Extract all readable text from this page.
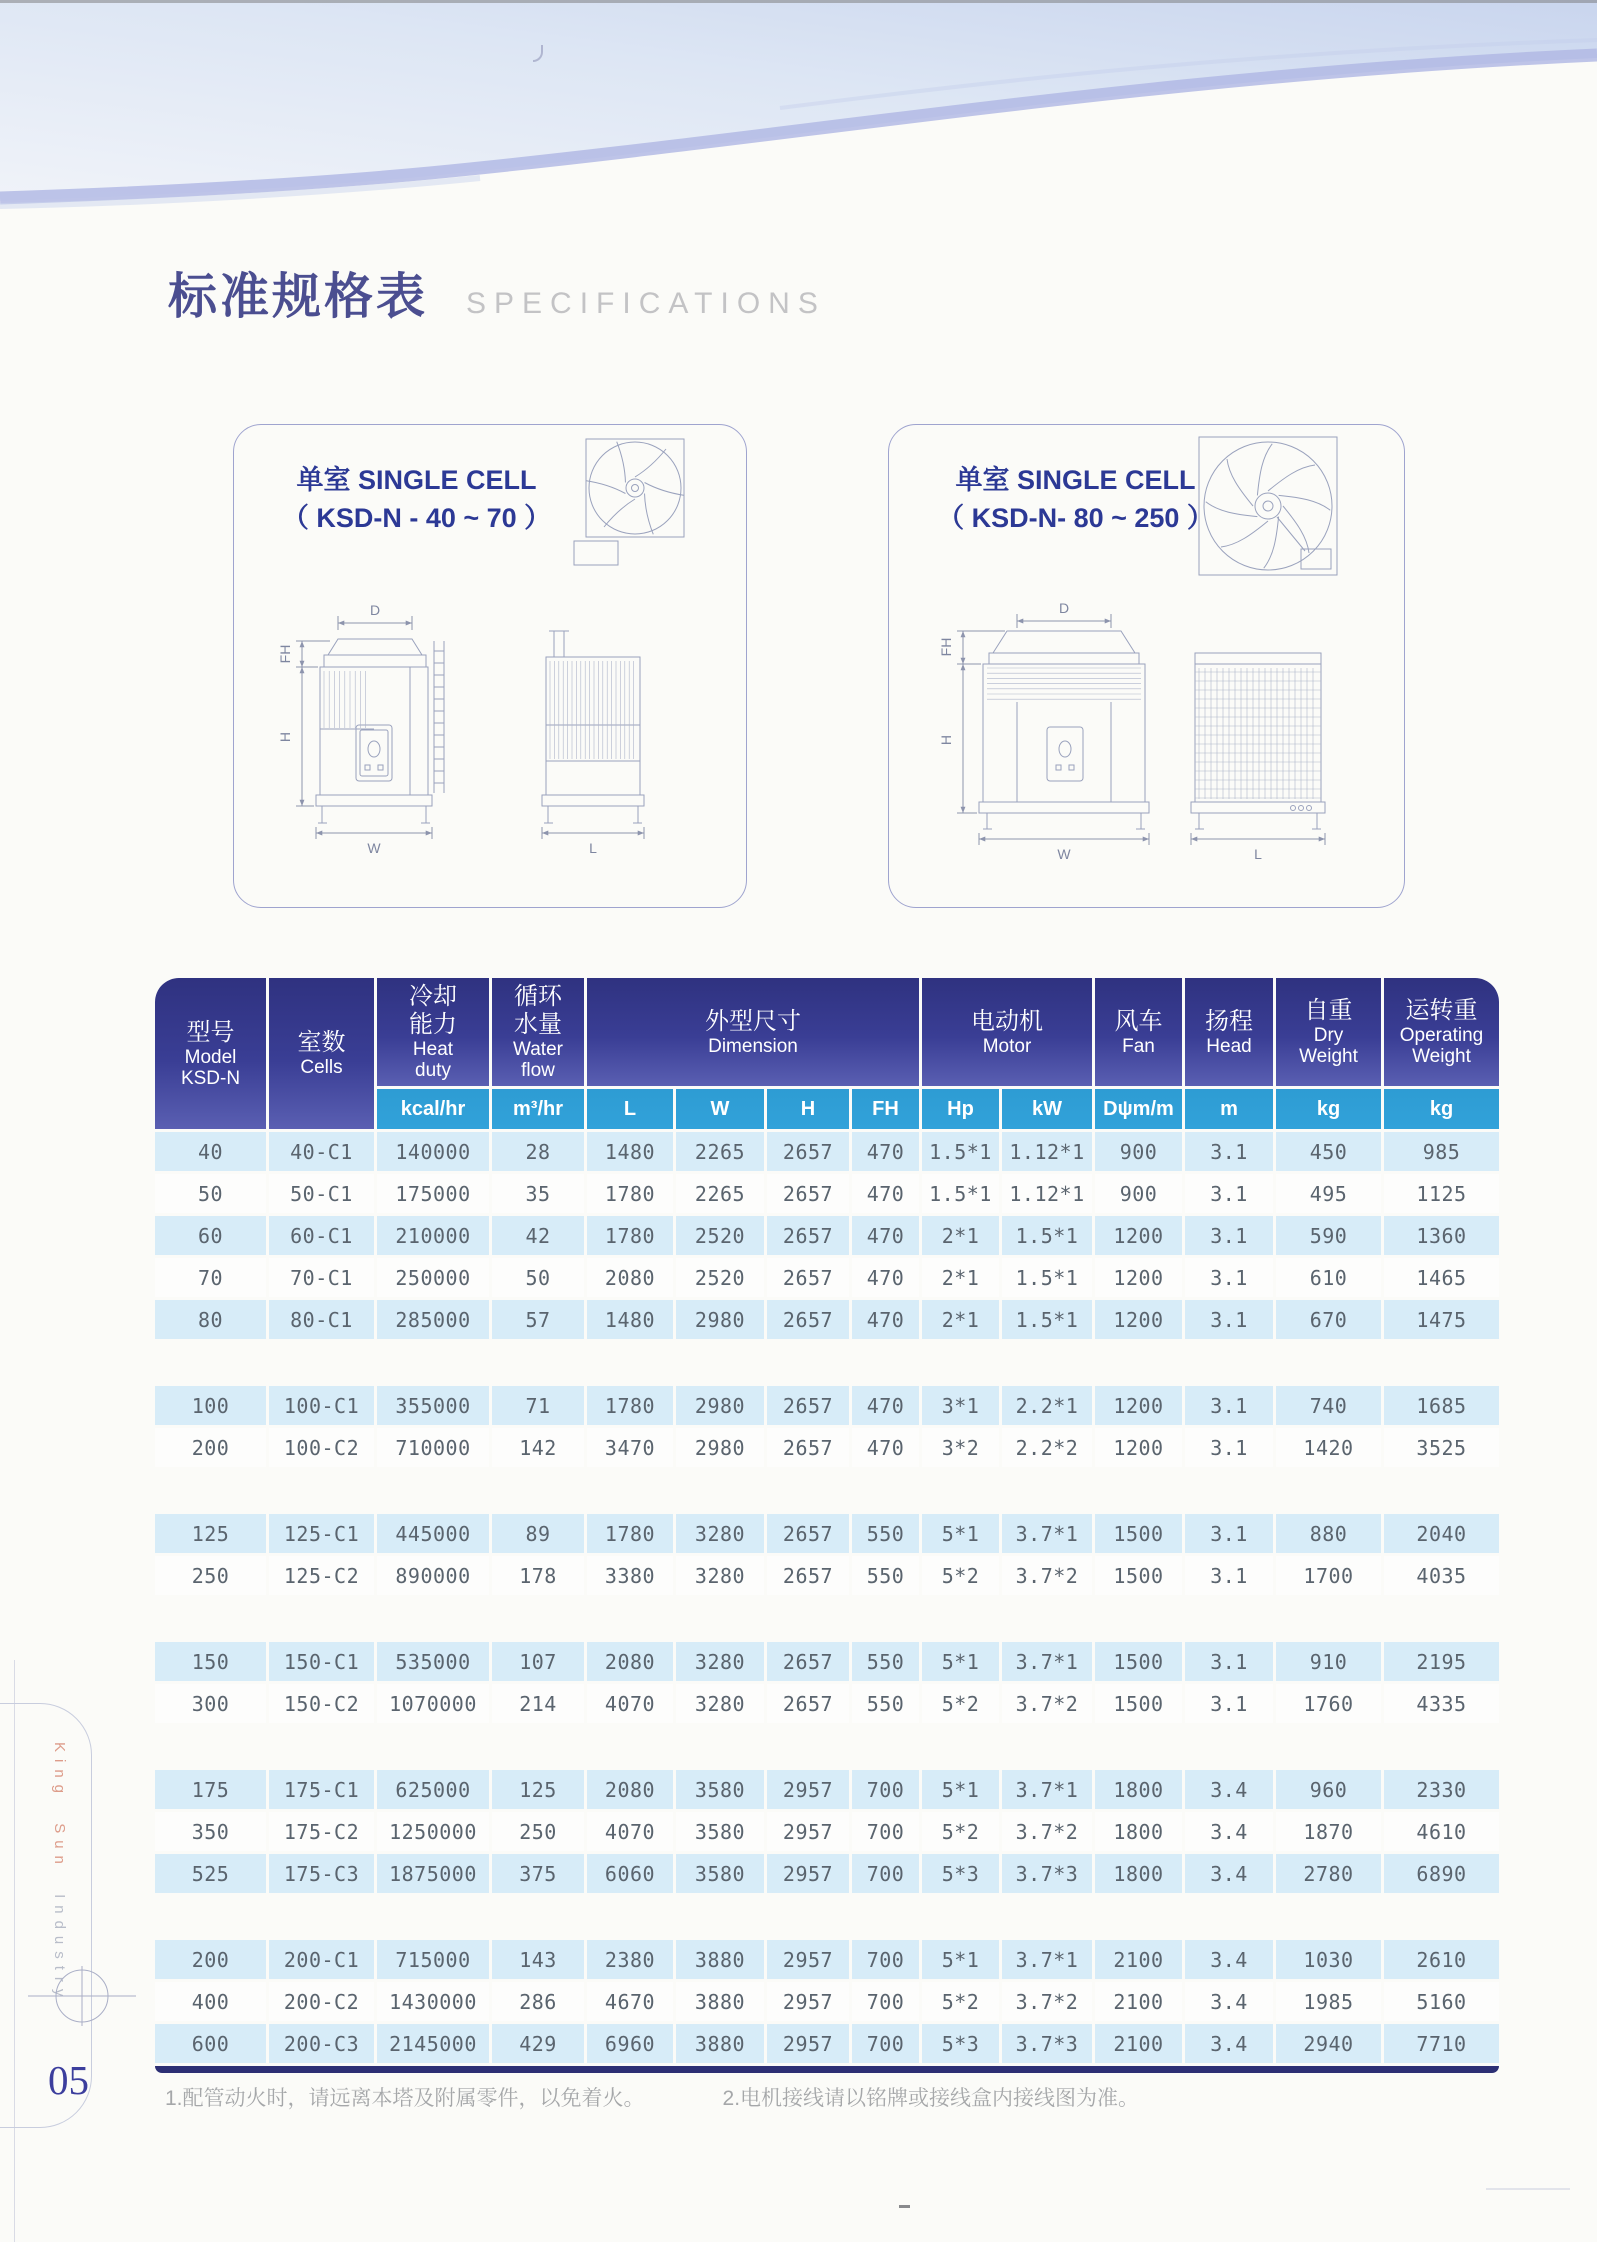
标准规格表 SPECIFICATIONS
单室 SINGLE CELL
（ KSD-N - 40 ~ 70 ）
D
FH
H
W	L
单室 SINGLE CELL
（ KSD-N- 80 ~ 250 ）
D
FH
H
W	L
型号
Model
KSD-N

室数
Cells

冷却
能力
Heat
duty

循环
水量
Water
flow

外型尺寸
Dimension

电动机
Motor

风车
Fan

扬程
Head

自重
Dry
Weight

运转重
Operating
Weight

		kcal/hr	m³/hr	L	W	H	FH	Hp	kW	Dψm/m	m	kg	kg
40	40-C1	140000	28	1480	2265	2657	470	1.5*1	1.12*1	900	3.1	450	985
50	50-C1	175000	35	1780	2265	2657	470	1.5*1	1.12*1	900	3.1	495	1125
60	60-C1	210000	42	1780	2520	2657	470	2*1	1.5*1	1200	3.1	590	1360
70	70-C1	250000	50	2080	2520	2657	470	2*1	1.5*1	1200	3.1	610	1465
80	80-C1	285000	57	1480	2980	2657	470	2*1	1.5*1	1200	3.1	670	1475

100	100-C1	355000	71	1780	2980	2657	470	3*1	2.2*1	1200	3.1	740	1685
200	100-C2	710000	142	3470	2980	2657	470	3*2	2.2*2	1200	3.1	1420	3525

125	125-C1	445000	89	1780	3280	2657	550	5*1	3.7*1	1500	3.1	880	2040
250	125-C2	890000	178	3380	3280	2657	550	5*2	3.7*2	1500	3.1	1700	4035

150	150-C1	535000	107	2080	3280	2657	550	5*1	3.7*1	1500	3.1	910	2195
300	150-C2	1070000	214	4070	3280	2657	550	5*2	3.7*2	1500	3.1	1760	4335

175	175-C1	625000	125	2080	3580	2957	700	5*1	3.7*1	1800	3.4	960	2330
350	175-C2	1250000	250	4070	3580	2957	700	5*2	3.7*2	1800	3.4	1870	4610
525	175-C3	1875000	375	6060	3580	2957	700	5*3	3.7*3	1800	3.4	2780	6890

200	200-C1	715000	143	2380	3880	2957	700	5*1	3.7*1	2100	3.4	1030	2610
400	200-C2	1430000	286	4670	3880	2957	700	5*2	3.7*2	2100	3.4	1985	5160
600	200-C3	2145000	429	6960	3880	2957	700	5*3	3.7*3	2100	3.4	2940	7710

1.配管动火时，请远离本塔及附属零件，以免着火。	2.电机接线请以铭牌或接线盒内接线图为准。
King Sun Industry
05
